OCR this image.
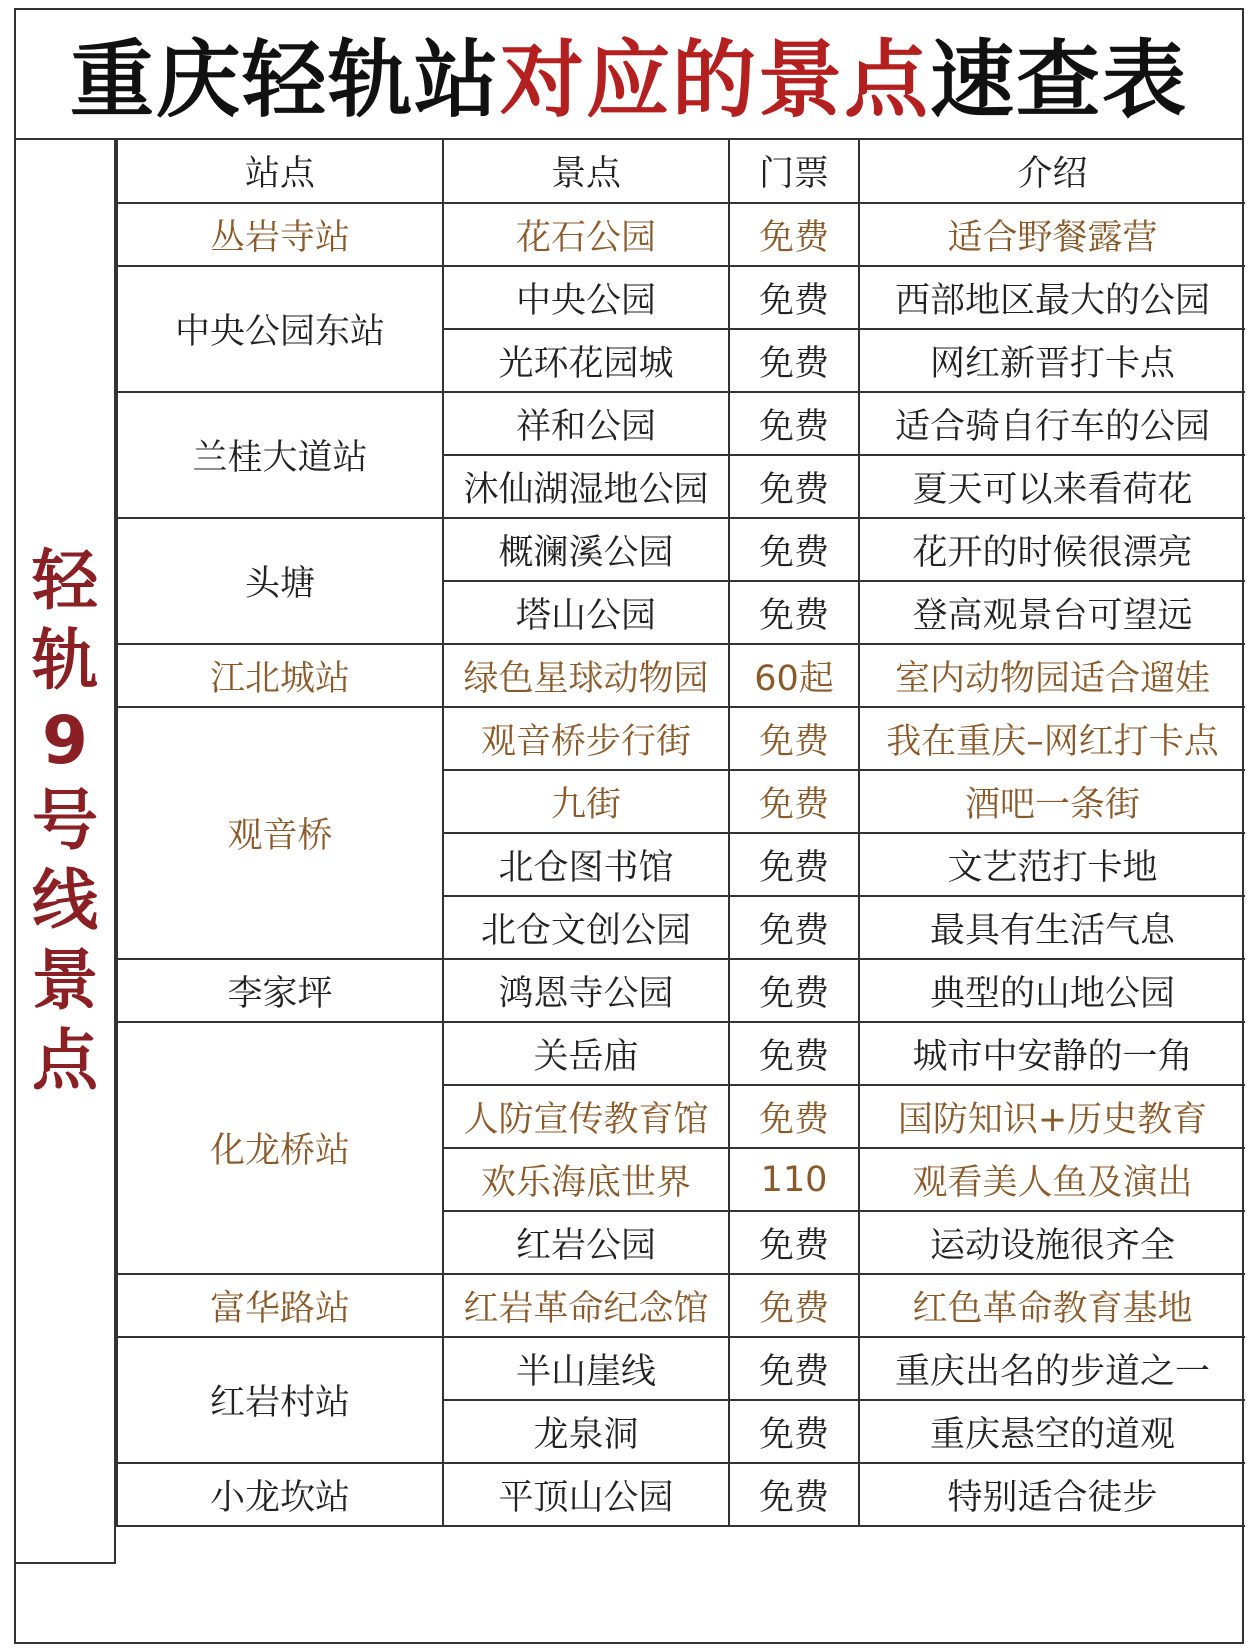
重庆轻轨站 对应的景点 速查表
轻轨9号线景点
站点	景点	门票	介绍
丛岩寺站	花石公园	免费	适合野餐露营
中央公园东站	中央公园	免费	西部地区最大的公园
	光环花园城	免费	网红新晋打卡点
兰桂大道站	祥和公园	免费	适合骑自行车的公园
	沐仙湖湿地公园	免费	夏天可以来看荷花
头塘	概澜溪公园	免费	花开的时候很漂亮
	塔山公园	免费	登高观景台可望远
江北城站	绿色星球动物园	60起	室内动物园适合遛娃
观音桥	观音桥步行街	免费	我在重庆–网红打卡点
	九街	免费	酒吧一条街
	北仓图书馆	免费	文艺范打卡地
	北仓文创公园	免费	最具有生活气息
李家坪	鸿恩寺公园	免费	典型的山地公园
化龙桥站	关岳庙	免费	城市中安静的一角
	人防宣传教育馆	免费	国防知识+历史教育
	欢乐海底世界	110	观看美人鱼及演出
	红岩公园	免费	运动设施很齐全
富华路站	红岩革命纪念馆	免费	红色革命教育基地
红岩村站	半山崖线	免费	重庆出名的步道之一
	龙泉洞	免费	重庆悬空的道观
小龙坎站	平顶山公园	免费	特别适合徒步
